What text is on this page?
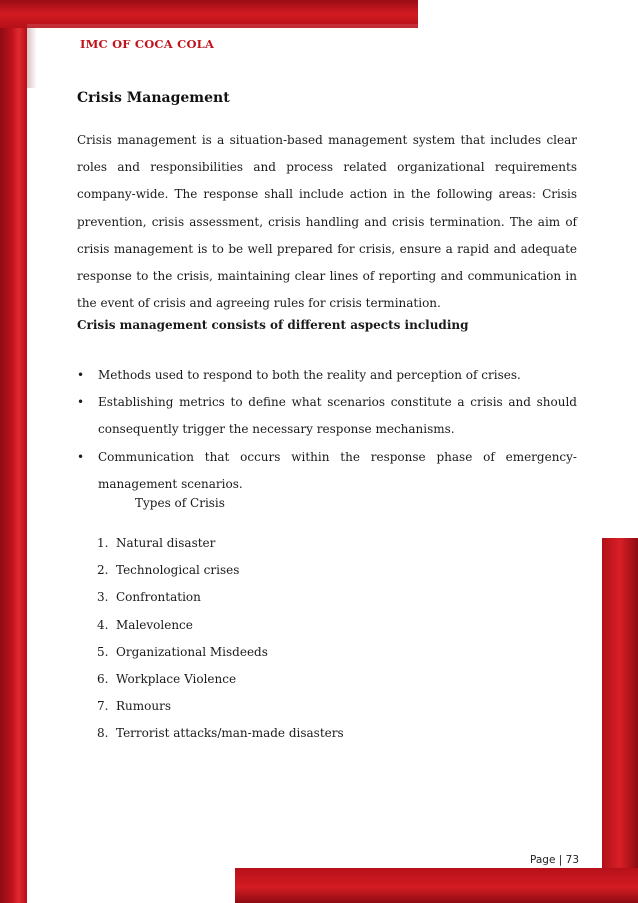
IMC OF COCA COLA
Crisis Management

Crisis management is a situation-based management system that includes clear roles and responsibilities and process related organizational requirements company-wide. The response shall include action in the following areas: Crisis prevention, crisis assessment, crisis handling and crisis termination. The aim of crisis management is to be well prepared for crisis, ensure a rapid and adequate response to the crisis, maintaining clear lines of reporting and communication in the event of crisis and agreeing rules for crisis termination.

Crisis management consists of different aspects including

• Methods used to respond to both the reality and perception of crises.
• Establishing metrics to define what scenarios constitute a crisis and should consequently trigger the necessary response mechanisms.
• Communication that occurs within the response phase of emergency-management scenarios.
Types of Crisis
1. Natural disaster
2. Technological crises
3. Confrontation
4. Malevolence
5. Organizational Misdeeds
6. Workplace Violence
7. Rumours
8. Terrorist attacks/man-made disasters
Page | 73
